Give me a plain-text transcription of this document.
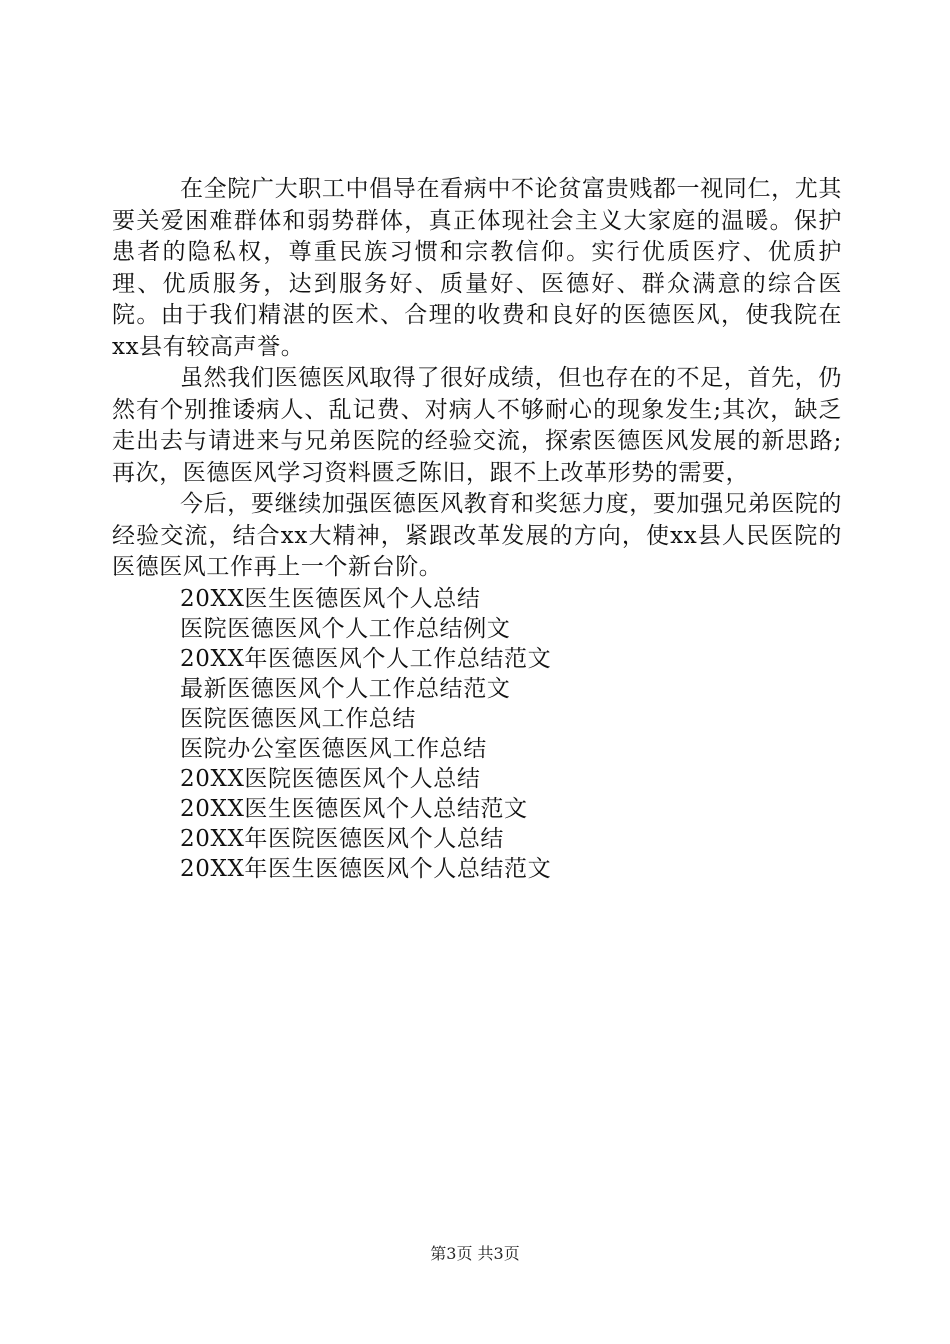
在全院广大职工中倡导在看病中不论贫富贵贱都一视同仁，尤其要关爱困难群体和弱势群体，真正体现社会主义大家庭的温暖。保护患者的隐私权，尊重民族习惯和宗教信仰。实行优质医疗、优质护理、优质服务，达到服务好、质量好、医德好、群众满意的综合医院。由于我们精湛的医术、合理的收费和良好的医德医风，使我院在xx县有较高声誉。

虽然我们医德医风取得了很好成绩，但也存在的不足，首先，仍然有个别推诿病人、乱记费、对病人不够耐心的现象发生;其次，缺乏走出去与请进来与兄弟医院的经验交流，探索医德医风发展的新思路;再次，医德医风学习资料匮乏陈旧，跟不上改革形势的需要，

今后，要继续加强医德医风教育和奖惩力度，要加强兄弟医院的经验交流，结合xx大精神，紧跟改革发展的方向，使xx县人民医院的医德医风工作再上一个新台阶。

20XX医生医德医风个人总结
医院医德医风个人工作总结例文
20XX年医德医风个人工作总结范文
最新医德医风个人工作总结范文
医院医德医风工作总结
医院办公室医德医风工作总结
20XX医院医德医风个人总结
20XX医生医德医风个人总结范文
20XX年医院医德医风个人总结
20XX年医生医德医风个人总结范文
第3页 共3页
